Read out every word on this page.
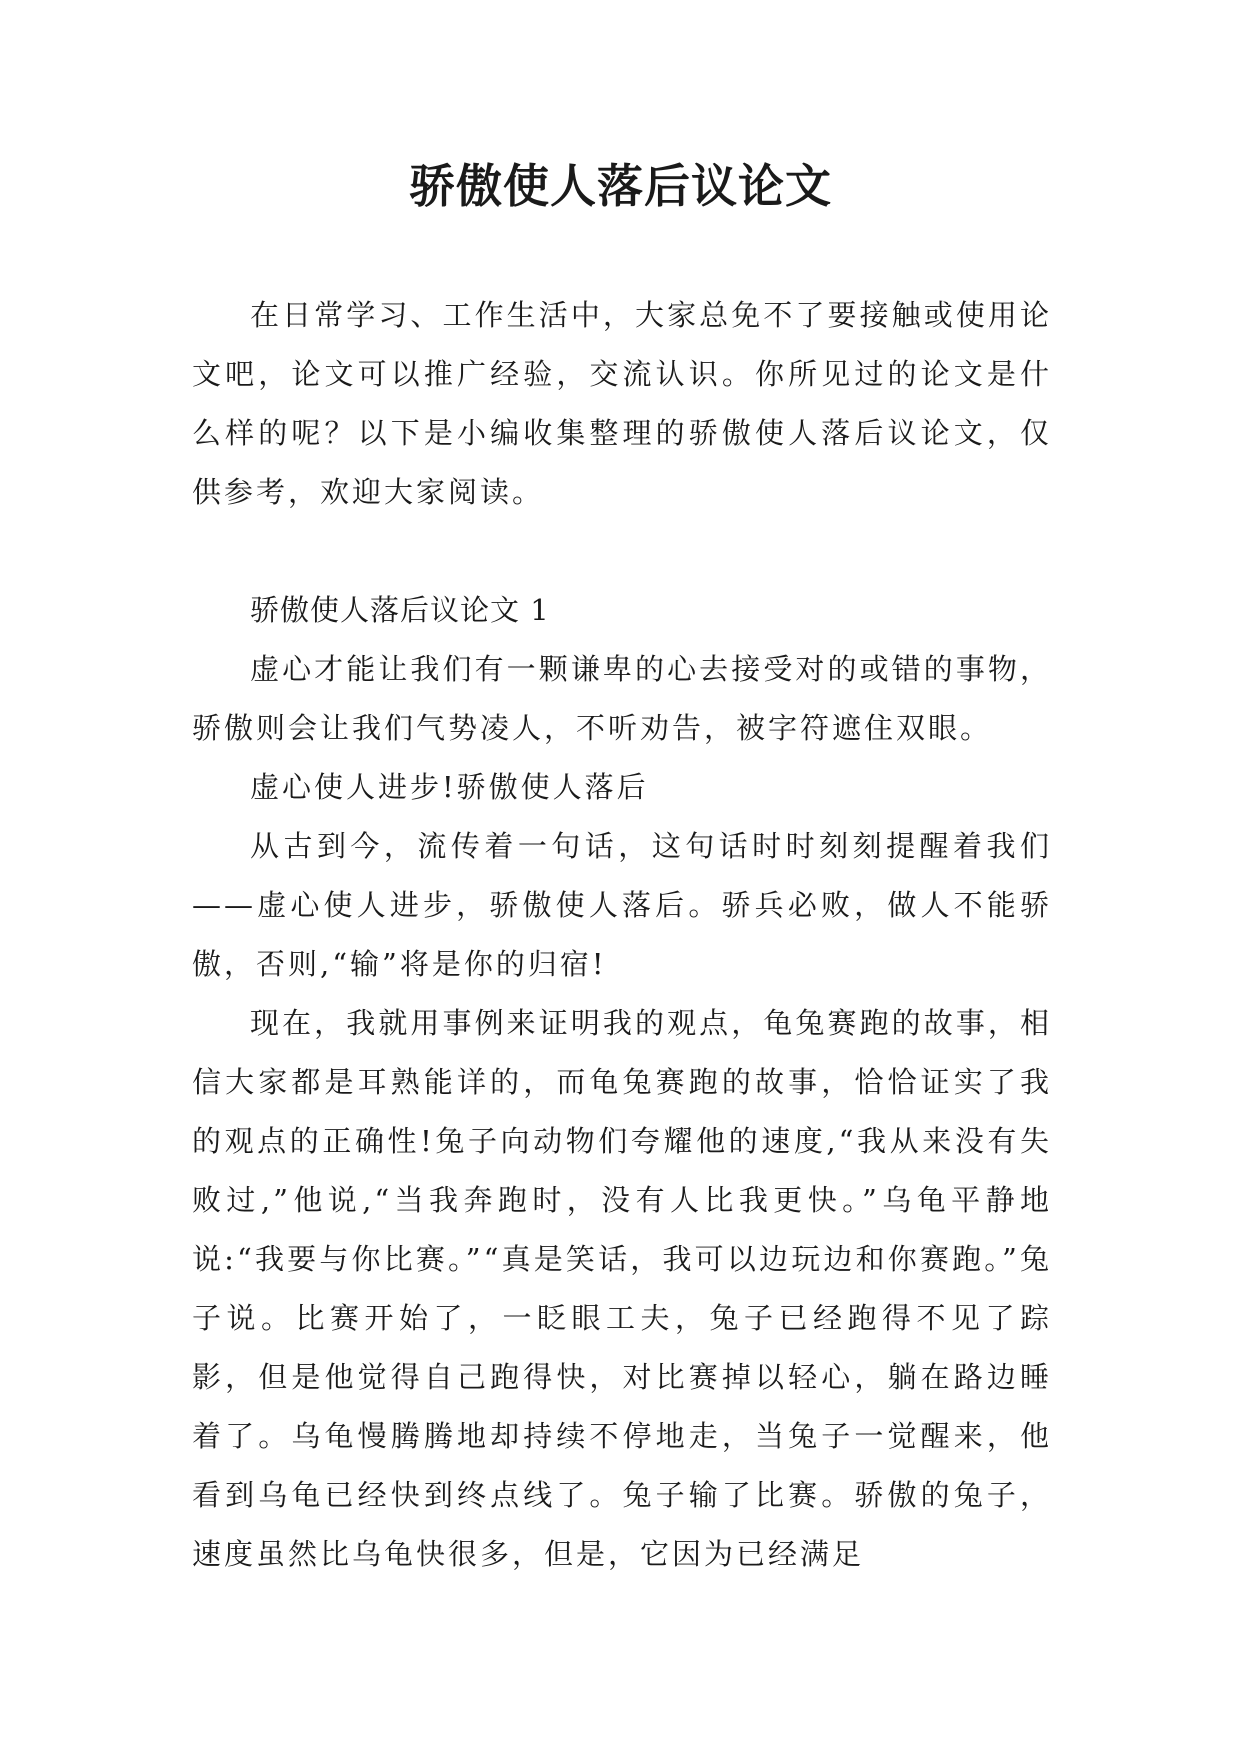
骄傲使人落后议论文

在日常学习、工作生活中，大家总免不了要接触或使用论文吧，论文可以推广经验，交流认识。你所见过的论文是什么样的呢？以下是小编收集整理的骄傲使人落后议论文，仅供参考，欢迎大家阅读。

骄傲使人落后议论文 1

虚心才能让我们有一颗谦卑的心去接受对的或错的事物，骄傲则会让我们气势凌人，不听劝告，被字符遮住双眼。

虚心使人进步!骄傲使人落后

从古到今，流传着一句话，这句话时时刻刻提醒着我们——虚心使人进步，骄傲使人落后。骄兵必败，做人不能骄傲，否则,“输”将是你的归宿!

现在，我就用事例来证明我的观点，龟兔赛跑的故事，相信大家都是耳熟能详的，而龟兔赛跑的故事，恰恰证实了我的观点的正确性!兔子向动物们夸耀他的速度,“我从来没有失败过,”他说,“当我奔跑时，没有人比我更快。”乌龟平静地说:“我要与你比赛。”“真是笑话，我可以边玩边和你赛跑。”兔子说。比赛开始了，一眨眼工夫，兔子已经跑得不见了踪影，但是他觉得自己跑得快，对比赛掉以轻心，躺在路边睡着了。乌龟慢腾腾地却持续不停地走，当兔子一觉醒来，他看到乌龟已经快到终点线了。兔子输了比赛。骄傲的兔子，速度虽然比乌龟快很多，但是，它因为已经满足
